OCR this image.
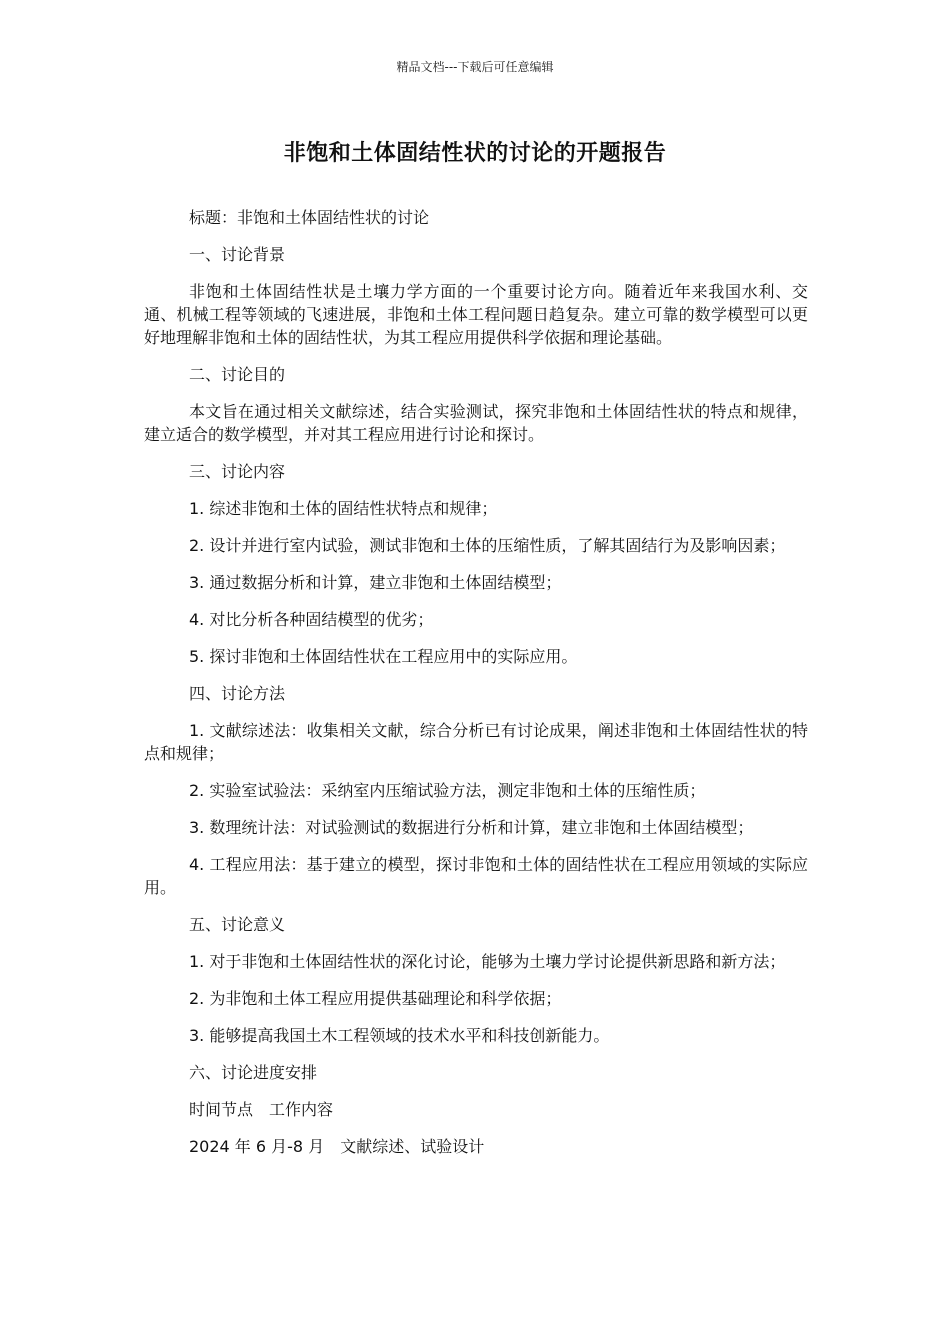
精品文档---下载后可任意编辑
非饱和土体固结性状的讨论的开题报告

标题：非饱和土体固结性状的讨论

一、讨论背景

非饱和土体固结性状是土壤力学方面的一个重要讨论方向。随着近年来我国水利、交通、机械工程等领域的飞速进展，非饱和土体工程问题日趋复杂。建立可靠的数学模型可以更好地理解非饱和土体的固结性状，为其工程应用提供科学依据和理论基础。

二、讨论目的

本文旨在通过相关文献综述，结合实验测试，探究非饱和土体固结性状的特点和规律，建立适合的数学模型，并对其工程应用进行讨论和探讨。

三、讨论内容

1. 综述非饱和土体的固结性状特点和规律；

2. 设计并进行室内试验，测试非饱和土体的压缩性质，了解其固结行为及影响因素；

3. 通过数据分析和计算，建立非饱和土体固结模型；

4. 对比分析各种固结模型的优劣；

5. 探讨非饱和土体固结性状在工程应用中的实际应用。

四、讨论方法

1. 文献综述法：收集相关文献，综合分析已有讨论成果，阐述非饱和土体固结性状的特点和规律；

2. 实验室试验法：采纳室内压缩试验方法，测定非饱和土体的压缩性质；

3. 数理统计法：对试验测试的数据进行分析和计算，建立非饱和土体固结模型；

4. 工程应用法：基于建立的模型，探讨非饱和土体的固结性状在工程应用领域的实际应用。

五、讨论意义

1. 对于非饱和土体固结性状的深化讨论，能够为土壤力学讨论提供新思路和新方法；

2. 为非饱和土体工程应用提供基础理论和科学依据；

3. 能够提高我国土木工程领域的技术水平和科技创新能力。

六、讨论进度安排

时间节点 工作内容

2024 年 6 月-8 月 文献综述、试验设计
